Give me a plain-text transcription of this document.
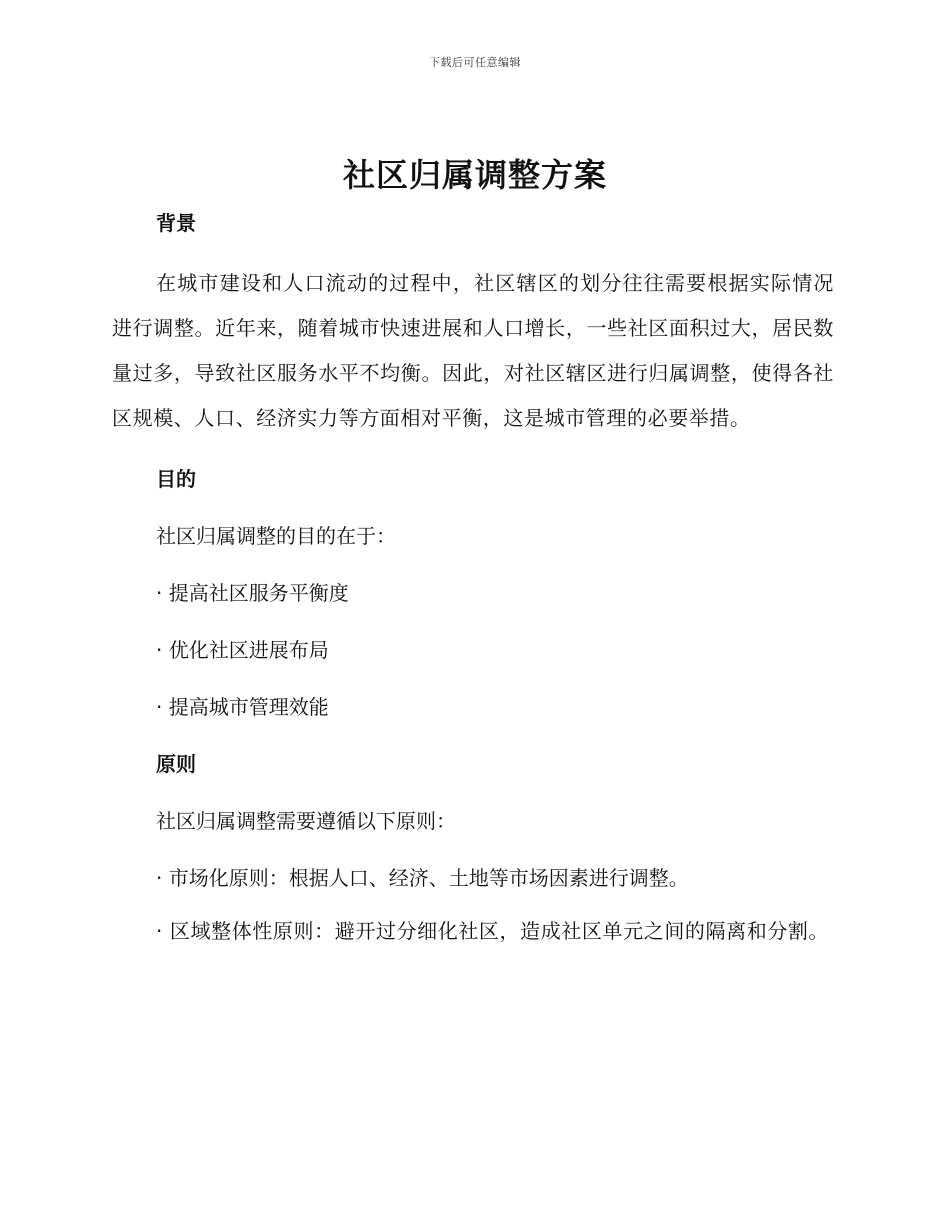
下载后可任意编辑
社区归属调整方案
背景

在城市建设和人口流动的过程中，社区辖区的划分往往需要根据实际情况进行调整。近年来，随着城市快速进展和人口增长，一些社区面积过大，居民数量过多，导致社区服务水平不均衡。因此，对社区辖区进行归属调整，使得各社区规模、人口、经济实力等方面相对平衡，这是城市管理的必要举措。

目的
社区归属调整的目的在于：
· 提高社区服务平衡度
· 优化社区进展布局
· 提高城市管理效能
原则
社区归属调整需要遵循以下原则：
· 市场化原则：根据人口、经济、土地等市场因素进行调整。

· 区域整体性原则：避开过分细化社区，造成社区单元之间的隔离和分割。
